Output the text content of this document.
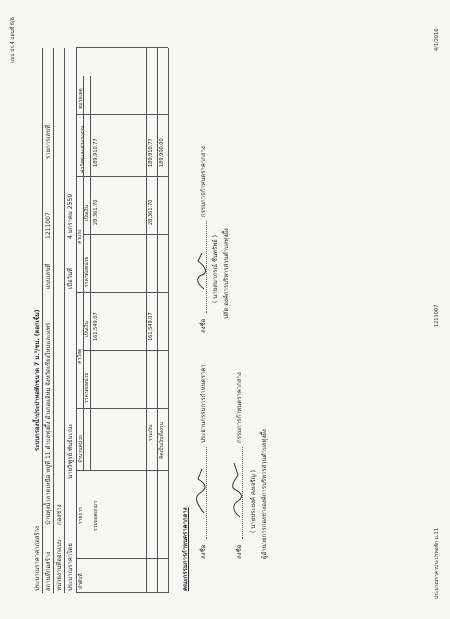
แบบ ปร.4 แผ่นที่ 6/6
ประมาณราคาค่าก่อสร้าง
ระบบกรองน้ำประปาหอพักขนาด 7 ม.³/ชม. (ตอกเข็ม)
สถานที่ก่อสร้าง
บ้านทุ่งน้ำลาดเหนือ หมู่ที่ 11 ตำบลทุ่งผึ้ง อำเภอแจ้ห่ม จังหวัดเชียงใหม่และแพร่
แบบเลขที่
1211007
รายการเลขที่
หน่วยงานที่ออกแบบ
กองช่าง
ประมาณราคาโดย
นายวิฑูรย์ พันธ์มะณะ
เมื่อวันที่
4 มกราคม 2559
ลำดับที่
รายการ
จำนวนหน่วย
ค่าวัสดุ
ค่าแรง
ราคาต่อหน่วย
เป็นเงิน
ราคาต่อหน่วย
เป็นเงิน
ค่าวัสดุและค่าแรงงาน
หมายเหตุ
รวมยอดยกมา
161,549.07
28,361.70
189,910.77
รวมเงิน
161,549.07
28,361.70
189,910.77
คิดเป็นเงินทั้งงาน
189,900.00
คณะกรรมการกำหนดราคากลาง ลงชื่อ
ประธานกรรมการกำหนดราคา
ลงชื่อ
กรรมการกำหนดราคากลาง
( นายสมาภรณ์ ชื่นทรัพย์ ) ปลัด องค์การบริหารส่วนตำบลทุ่งผึ้ง
ลงชื่อ
กรรมการกำหนดราคากลาง
( นายประยงค์ คงเจริญ ) ผู้อำนวยการกองช่างองค์การบริหารส่วนตำบลทุ่งผึ้ง
ประมาณราคาประปาหอพัก ม.11
1211007
4/1/2016
